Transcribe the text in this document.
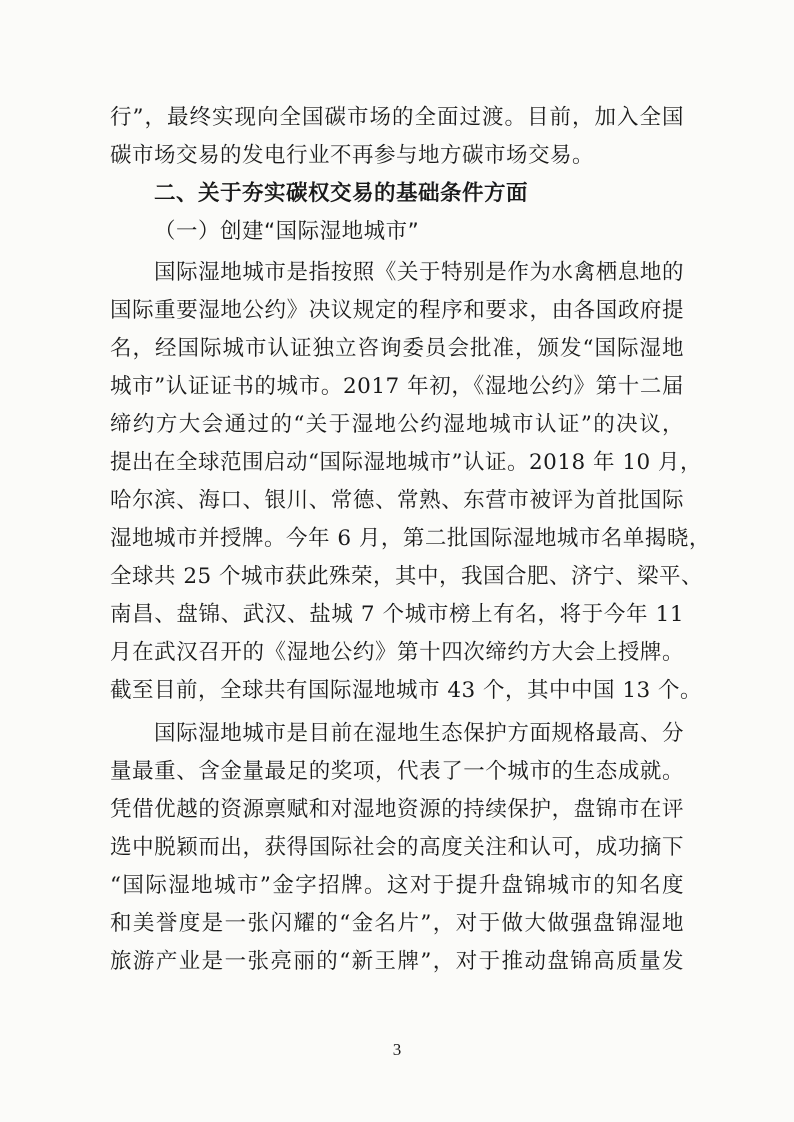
行”，最终实现向全国碳市场的全面过渡。目前，加入全国
碳市场交易的发电行业不再参与地方碳市场交易。
二、关于夯实碳权交易的基础条件方面
（一）创建“国际湿地城市”
国际湿地城市是指按照《关于特别是作为水禽栖息地的
国际重要湿地公约》决议规定的程序和要求，由各国政府提
名，经国际城市认证独立咨询委员会批准，颁发“国际湿地
城市”认证证书的城市。2017 年初，《湿地公约》第十二届
缔约方大会通过的“关于湿地公约湿地城市认证”的决议，
提出在全球范围启动“国际湿地城市”认证。2018 年 10 月，
哈尔滨、海口、银川、常德、常熟、东营市被评为首批国际
湿地城市并授牌。今年 6 月，第二批国际湿地城市名单揭晓，
全球共 25 个城市获此殊荣，其中，我国合肥、济宁、梁平、
南昌、盘锦、武汉、盐城 7 个城市榜上有名，将于今年 11
月在武汉召开的《湿地公约》第十四次缔约方大会上授牌。
截至目前，全球共有国际湿地城市 43 个，其中中国 13 个。
国际湿地城市是目前在湿地生态保护方面规格最高、分
量最重、含金量最足的奖项，代表了一个城市的生态成就。
凭借优越的资源禀赋和对湿地资源的持续保护，盘锦市在评
选中脱颖而出，获得国际社会的高度关注和认可，成功摘下
“国际湿地城市”金字招牌。这对于提升盘锦城市的知名度
和美誉度是一张闪耀的“金名片”，对于做大做强盘锦湿地
旅游产业是一张亮丽的“新王牌”，对于推动盘锦高质量发
3
